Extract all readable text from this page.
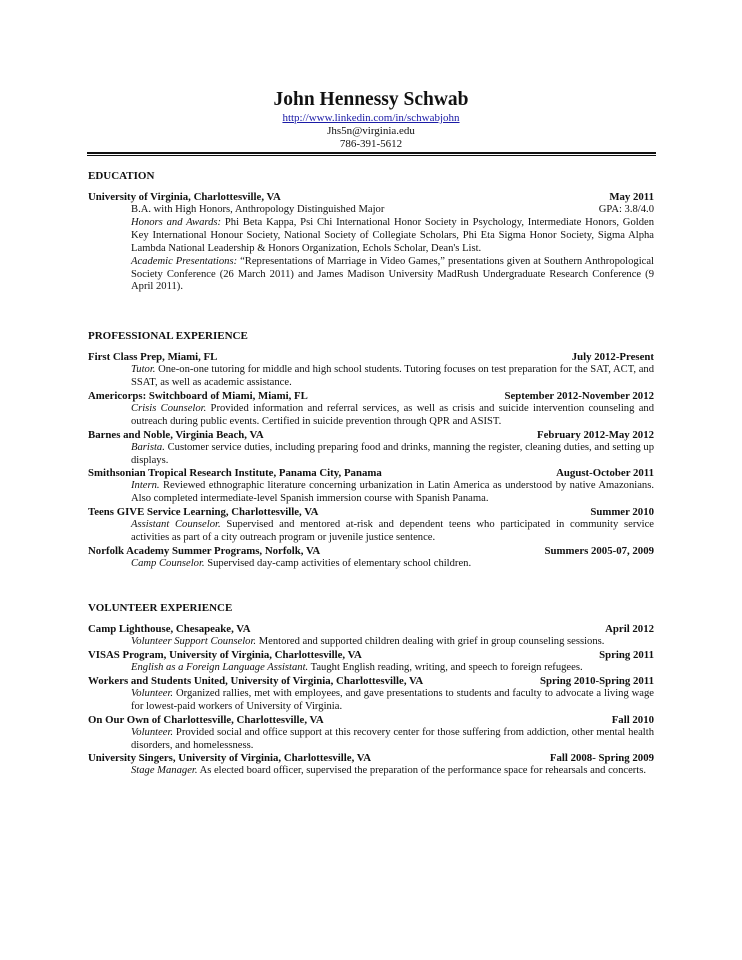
John Hennessy Schwab
http://www.linkedin.com/in/schwabjohn
Jhs5n@virginia.edu
786-391-5612
EDUCATION
University of Virginia, Charlottesville, VA	May 2011
B.A. with High Honors, Anthropology Distinguished Major	GPA: 3.8/4.0
Honors and Awards: Phi Beta Kappa, Psi Chi International Honor Society in Psychology, Intermediate Honors, Golden Key International Honour Society, National Society of Collegiate Scholars, Phi Eta Sigma Honor Society, Sigma Alpha Lambda National Leadership & Honors Organization, Echols Scholar, Dean's List.
Academic Presentations: “Representations of Marriage in Video Games,” presentations given at Southern Anthropological Society Conference (26 March 2011) and James Madison University MadRush Undergraduate Research Conference (9 April 2011).
PROFESSIONAL EXPERIENCE
First Class Prep, Miami, FL	July 2012-Present
Tutor. One-on-one tutoring for middle and high school students. Tutoring focuses on test preparation for the SAT, ACT, and SSAT, as well as academic assistance.
Americorps: Switchboard of Miami, Miami, FL	September 2012-November 2012
Crisis Counselor. Provided information and referral services, as well as crisis and suicide intervention counseling and outreach during public events. Certified in suicide prevention through QPR and ASIST.
Barnes and Noble, Virginia Beach, VA	February 2012-May 2012
Barista. Customer service duties, including preparing food and drinks, manning the register, cleaning duties, and setting up displays.
Smithsonian Tropical Research Institute, Panama City, Panama	August-October 2011
Intern. Reviewed ethnographic literature concerning urbanization in Latin America as understood by native Amazonians. Also completed intermediate-level Spanish immersion course with Spanish Panama.
Teens GIVE Service Learning, Charlottesville, VA	Summer 2010
Assistant Counselor. Supervised and mentored at-risk and dependent teens who participated in community service activities as part of a city outreach program or juvenile justice sentence.
Norfolk Academy Summer Programs, Norfolk, VA	Summers 2005-07, 2009
Camp Counselor. Supervised day-camp activities of elementary school children.
VOLUNTEER EXPERIENCE
Camp Lighthouse, Chesapeake, VA	April 2012
Volunteer Support Counselor. Mentored and supported children dealing with grief in group counseling sessions.
VISAS Program, University of Virginia, Charlottesville, VA	Spring 2011
English as a Foreign Language Assistant. Taught English reading, writing, and speech to foreign refugees.
Workers and Students United, University of Virginia, Charlottesville, VA	Spring 2010-Spring 2011
Volunteer. Organized rallies, met with employees, and gave presentations to students and faculty to advocate a living wage for lowest-paid workers of University of Virginia.
On Our Own of Charlottesville, Charlottesville, VA	Fall 2010
Volunteer. Provided social and office support at this recovery center for those suffering from addiction, other mental health disorders, and homelessness.
University Singers, University of Virginia, Charlottesville, VA	Fall 2008- Spring 2009
Stage Manager. As elected board officer, supervised the preparation of the performance space for rehearsals and concerts.
